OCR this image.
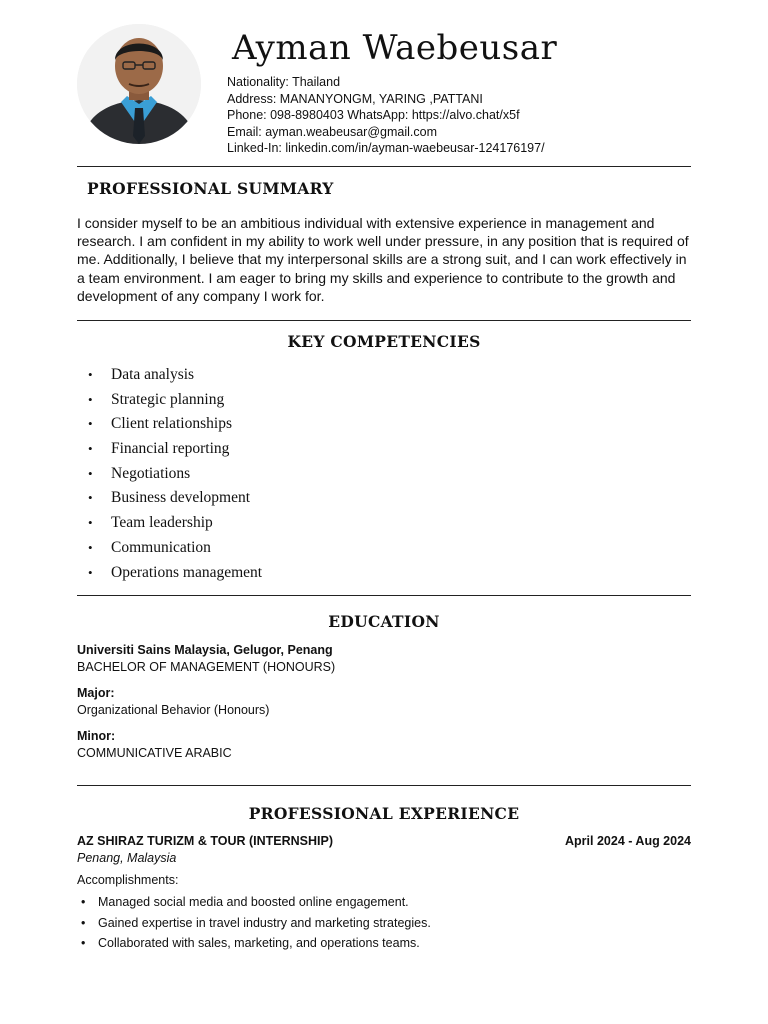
Ayman Waebeusar
Nationality: Thailand
Address: MANANYONGM, YARING ,PATTANI
Phone: 098-8980403 WhatsApp: https://alvo.chat/x5f
Email: ayman.weabeusar@gmail.com
Linked-In: linkedin.com/in/ayman-waebeusar-124176197/
PROFESSIONAL SUMMARY
I consider myself to be an ambitious individual with extensive experience in management and research. I am confident in my ability to work well under pressure, in any position that is required of me. Additionally, I believe that my interpersonal skills are a strong suit, and I can work effectively in a team environment. I am eager to bring my skills and experience to contribute to the growth and development of any company I work for.
KEY COMPETENCIES
• Data analysis
• Strategic planning
• Client relationships
• Financial reporting
• Negotiations
• Business development
• Team leadership
• Communication
• Operations management
EDUCATION
Universiti Sains Malaysia, Gelugor, Penang
BACHELOR OF MANAGEMENT (HONOURS)
Major:
Organizational Behavior (Honours)
Minor:
COMMUNICATIVE ARABIC
PROFESSIONAL EXPERIENCE
AZ SHIRAZ TURIZM & TOUR (INTERNSHIP)	April 2024 - Aug 2024
Penang, Malaysia
Accomplishments:
• Managed social media and boosted online engagement.
• Gained expertise in travel industry and marketing strategies.
• Collaborated with sales, marketing, and operations teams.
